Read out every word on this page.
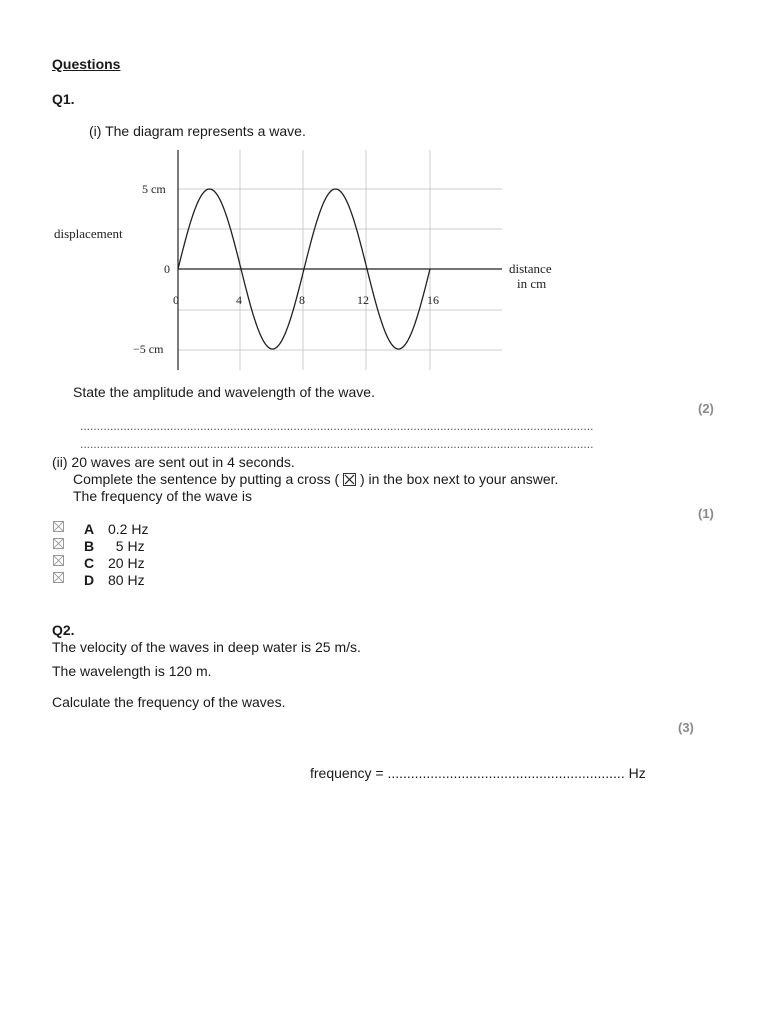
Questions
Q1.
(i) The diagram represents a wave.
displacement
5 cm
0
−5 cm
distance
in cm
0	4	8	12	16
State the amplitude and wavelength of the wave.
(2)
..........................................................................................................................................................
..........................................................................................................................................................
(ii) 20 waves are sent out in 4 seconds.
Complete the sentence by putting a cross ( ) in the box next to your answer.
The frequency of the wave is
(1)
A 0.2 Hz
B 5 Hz
C 20 Hz
D 80 Hz
Q2.
The velocity of the waves in deep water is 25 m/s.
The wavelength is 120 m.
Calculate the frequency of the waves.
(3)
frequency = ............................................................. Hz
